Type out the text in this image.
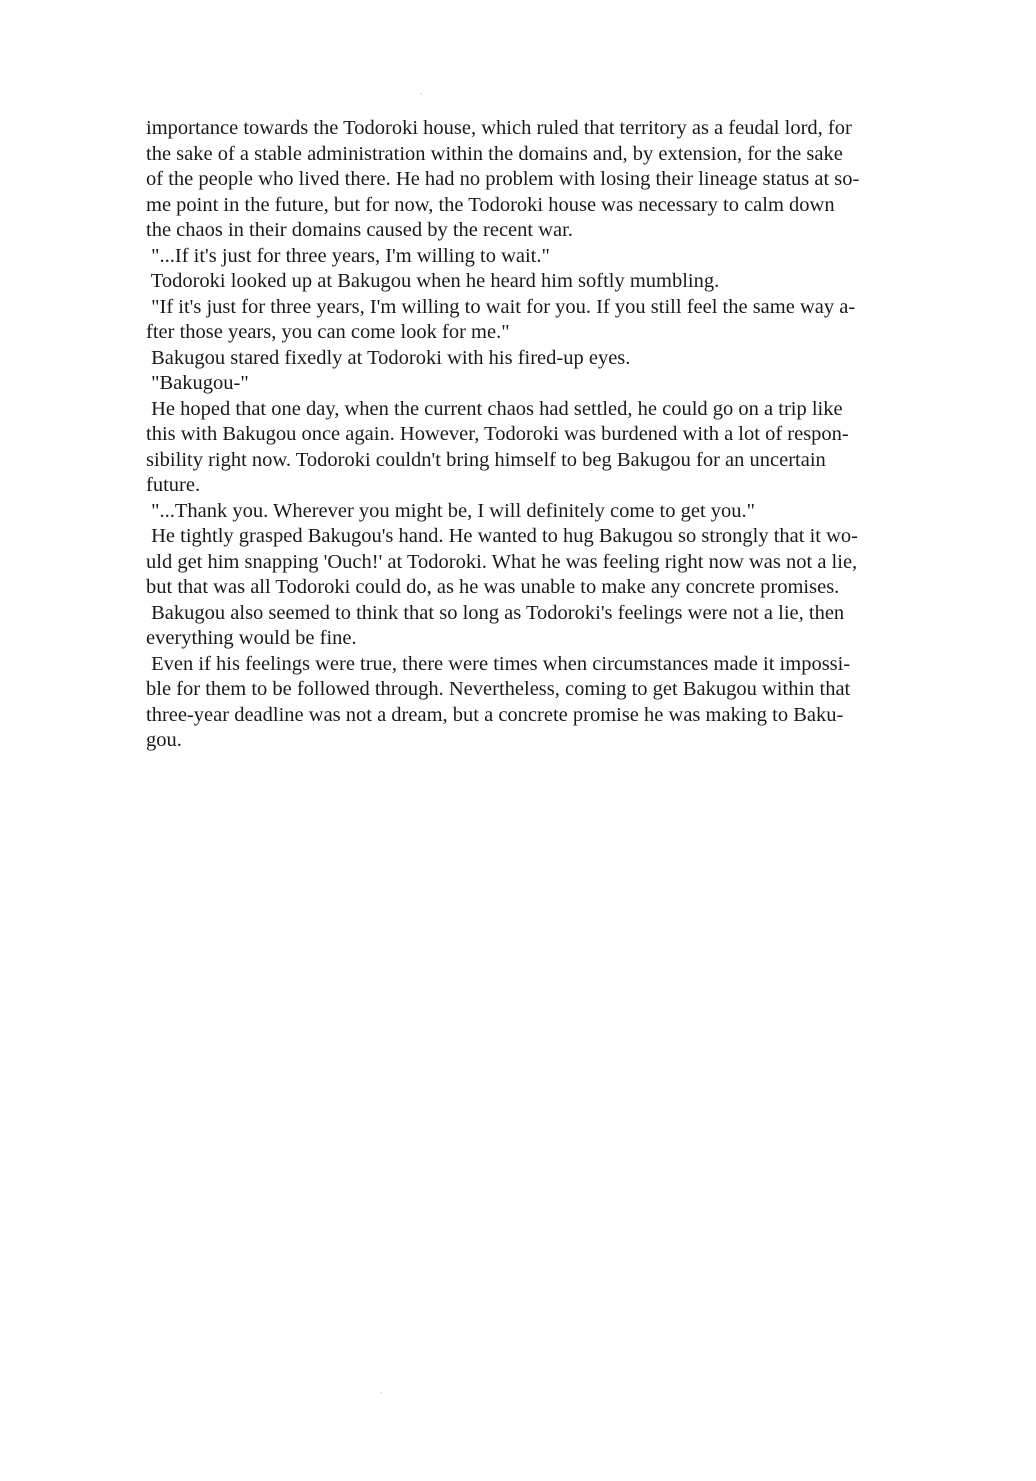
importance towards the Todoroki house, which ruled that territory as a feudal lord, for
the sake of a stable administration within the domains and, by extension, for the sake
of the people who lived there. He had no problem with losing their lineage status at so-
me point in the future, but for now, the Todoroki house was necessary to calm down
the chaos in their domains caused by the recent war.
"...If it's just for three years, I'm willing to wait."
Todoroki looked up at Bakugou when he heard him softly mumbling.
"If it's just for three years, I'm willing to wait for you. If you still feel the same way a-
fter those years, you can come look for me."
Bakugou stared fixedly at Todoroki with his fired-up eyes.
"Bakugou-"
He hoped that one day, when the current chaos had settled, he could go on a trip like
this with Bakugou once again. However, Todoroki was burdened with a lot of respon-
sibility right now. Todoroki couldn't bring himself to beg Bakugou for an uncertain
future.
"...Thank you. Wherever you might be, I will definitely come to get you."
He tightly grasped Bakugou's hand. He wanted to hug Bakugou so strongly that it wo-
uld get him snapping 'Ouch!' at Todoroki. What he was feeling right now was not a lie,
but that was all Todoroki could do, as he was unable to make any concrete promises.
Bakugou also seemed to think that so long as Todoroki's feelings were not a lie, then
everything would be fine.
Even if his feelings were true, there were times when circumstances made it impossi-
ble for them to be followed through. Nevertheless, coming to get Bakugou within that
three-year deadline was not a dream, but a concrete promise he was making to Baku-
gou.
